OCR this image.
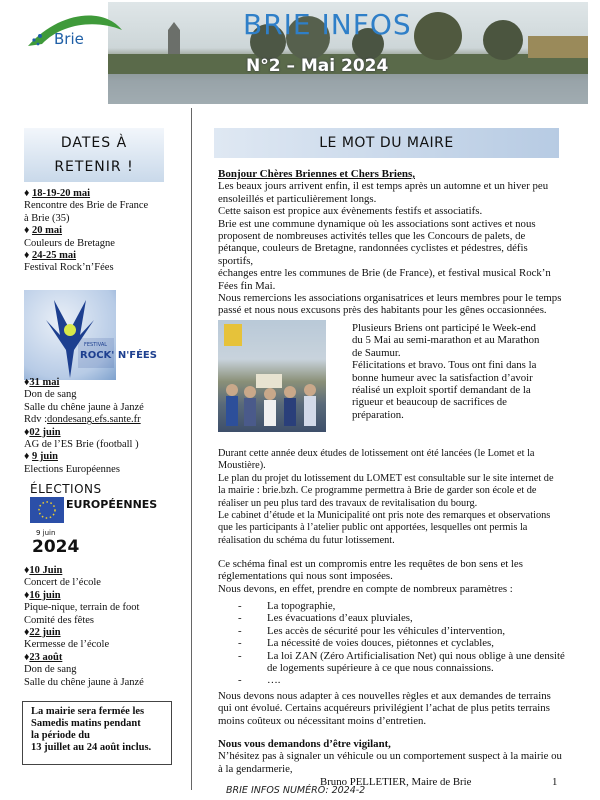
Brie	BRIE INFOS
N°2 – Mai 2024
DATES À
RETENIR !
♦ 18-19-20 mai
Rencontre des Brie de France
à Brie (35)
♦ 20 mai
Couleurs de Bretagne
♦ 24-25 mai
Festival Rock’n’Fées
FESTIVAL
ROCK' N'FÉES
♦31 mai
Don de sang
Salle du chêne jaune à Janzé
Rdv :dondesang.efs.sante.fr
♦02 juin
AG de l’ES Brie (football )
♦ 9 juin
Elections Européennes
ÉLECTIONS
EUROPÉENNES
9 juin
2024
♦10 Juin
Concert de l’école
♦16 juin
Pique-nique, terrain de foot
Comité des fêtes
♦22 juin
Kermesse de l’école
♦23 août
Don de sang
Salle du chêne jaune à Janzé
La mairie sera fermée les
Samedis matins pendant
la période du
13 juillet au 24 août inclus.
LE MOT DU MAIRE
Bonjour Chères Briennes et Chers Briens,
Les beaux jours arrivent enfin, il est temps après un automne et un hiver peu
ensoleillés et particulièrement longs.
Cette saison est propice aux évènements festifs et associatifs.
Brie est une commune dynamique où les associations sont actives et nous
proposent de nombreuses activités telles que les Concours de palets, de
pétanque, couleurs de Bretagne, randonnées cyclistes et pédestres, défis sportifs,
échanges entre les communes de Brie (de France), et festival musical Rock’n
Fées fin Mai.
Nous remercions les associations organisatrices et leurs membres pour le temps
passé et nous nous excusons près des habitants pour les gênes occasionnées.
Plusieurs Briens ont participé le Week-end
du 5 Mai au semi-marathon et au Marathon
de Saumur.
Félicitations et bravo. Tous ont fini dans la
bonne humeur avec la satisfaction d’avoir
réalisé un exploit sportif demandant de la
rigueur et beaucoup de sacrifices de
préparation.
Durant cette année deux études de lotissement ont été lancées (le Lomet et la
Moustière).
Le plan du projet du lotissement du LOMET est consultable sur le site internet de
la mairie : brie.bzh. Ce programme permettra à Brie de garder son école et de
réaliser un peu plus tard des travaux de revitalisation du bourg.
Le cabinet d’étude et la Municipalité ont pris note des remarques et observations
que les participants à l’atelier public ont apportées, lesquelles ont permis la
réalisation du schéma du futur lotissement.
Ce schéma final est un compromis entre les requêtes de bon sens et les
réglementations qui nous sont imposées.
Nous devons, en effet, prendre en compte de nombreux paramètres :
- La topographie,
- Les évacuations d’eaux pluviales,
- Les accès de sécurité pour les véhicules d’intervention,
- La nécessité de voies douces, piétonnes et cyclables,
- La loi ZAN (Zéro Artificialisation Net) qui nous oblige à une densité
de logements supérieure à ce que nous connaissions.
- ….
Nous devons nous adapter à ces nouvelles règles et aux demandes de terrains
qui ont évolué. Certains acquéreurs privilégient l’achat de plus petits terrains
moins coûteux ou nécessitant moins d’entretien.
Nous vous demandons d’être vigilant,
N’hésitez pas à signaler un véhicule ou un comportement suspect à la mairie ou
à la gendarmerie,
Bruno PELLETIER, Maire de Brie	1
BRIE INFOS NUMÉRO: 2024-2
